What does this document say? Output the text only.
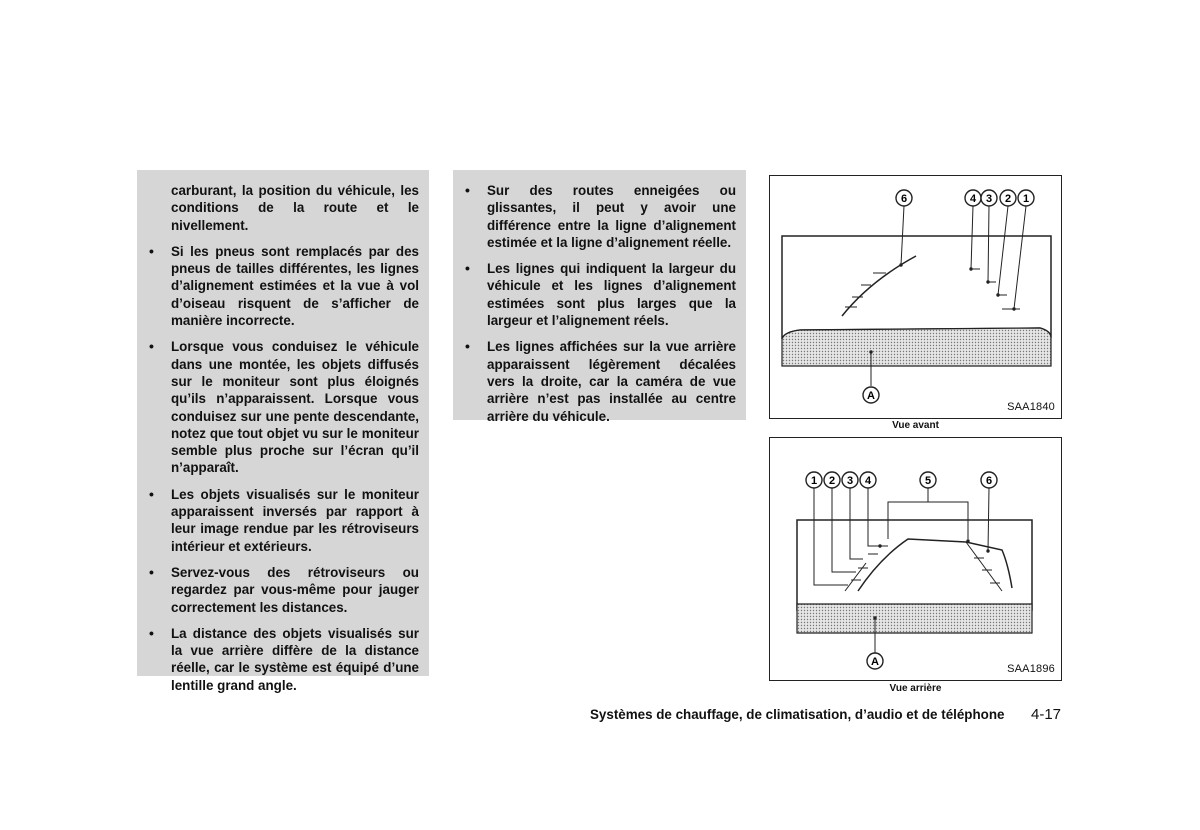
carburant, la position du véhicule, les conditions de la route et le nivellement.

• Si les pneus sont remplacés par des pneus de tailles différentes, les lignes d’alignement estimées et la vue à vol d’oiseau risquent de s’afficher de manière incorrecte.

• Lorsque vous conduisez le véhicule dans une montée, les objets diffusés sur le moniteur sont plus éloignés qu’ils n’apparaissent. Lorsque vous conduisez sur une pente descendante, notez que tout objet vu sur le moniteur semble plus proche sur l’écran qu’il n’apparaît.

• Les objets visualisés sur le moniteur apparaissent inversés par rapport à leur image rendue par les rétroviseurs intérieur et extérieurs.

• Servez-vous des rétroviseurs ou regardez par vous-même pour jauger correctement les distances.

• La distance des objets visualisés sur la vue arrière diffère de la distance réelle, car le système est équipé d’une lentille grand angle.

• Sur des routes enneigées ou glissantes, il peut y avoir une différence entre la ligne d’alignement estimée et la ligne d’alignement réelle.

• Les lignes qui indiquent la largeur du véhicule et les lignes d’alignement estimées sont plus larges que la largeur et l’alignement réels.

• Les lignes affichées sur la vue arrière apparaissent légèrement décalées vers la droite, car la caméra de vue arrière n’est pas installée au centre arrière du véhicule.

6	4 3 2 1
A
SAA1840
Vue avant
1 2 3 4	5	6
A
SAA1896
Vue arrière
Systèmes de chauffage, de climatisation, d’audio et de téléphone 4-17
